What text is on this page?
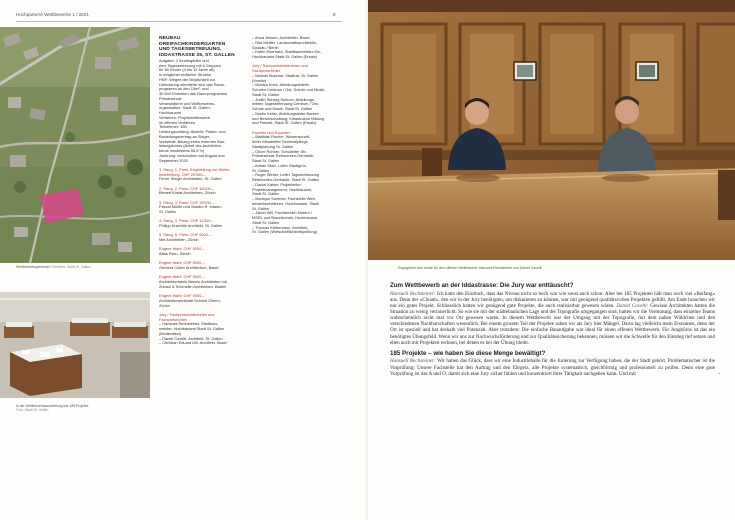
Hochparterre Wettbewerbe 1 / 2021	8
Wettbewerbsperimeter Orthofoto: Stadt St. Gallen
In der Wettbewerbsausstellung wie 185 Projekte
Foto: Stadt St. Gallen
NEUBAU DREIFACHKINDERGARTEN
UND TAGESBETREUUNG,
IDDASTRASSE 25, ST. GALLEN

Aufgabe: 3 Kindergärten und

eine Tagesbetreuung mit 6 Gruppen

für 60 Kinder (4 bis 12 Jahre alt)

in möglichst einfacher Struktur

HNF: Wegen der Möglichkeit zur

Umnutzung orientierte sich das Raum-

programm an den 15m²- und

30.5m²-Einheiten des Raumprogramms

Primarschule

Veranstalterin und Wettbewerbs-

organisation: Stadt St. Gallen,

Hochbauamt

Verfahren: Projektwettbewerb

im offenen Verfahren

Teilnehmer: 185

Leistungsumfang: Absicht: Planer- und

Bauleitungsvertrag an Sieger,

Vorbehalt: Beizug eines externen Bau-

leitungsbüros (Anteil des Architektur-

büros mindestens 58,5 %)

Jurierung: verschoben auf August und

September 2020

1. Rang, 1. Preis, Empfehlung zur Weiter-

bearbeitung: CHF 20'000.–

Ferrer Steger Architekten, St. Gallen

2. Rang, 2. Preis: CHF 18'000.–

Bienert Kintat Architekten, Zürich

3. Rang, 3. Preis: CHF 15'000.–

Pascal Müller und Sandro R. Inauen,

St. Gallen

4. Rang, 4. Preis: CHF 11'000.–

Philipp Knechtle Architekt, St. Gallen

5. Rang, 5. Preis: CHF 8000.–

Mei Architekten, Zürich

Engere Wahl: CHF 5000.–

Atlas Fluru, Zürich

Engere Wahl: CHF 5000.–

Gerbera Cutter Architecture, Basel

Engere Wahl: CHF 5000.–

Architekturfabrik Marolo Architekten mit

Zubaul & Schmidlin Architekten, Baden

Engere Wahl: CHF 5000.–

Architekturwerkstatt Schmid Zürren,

Zürich

Jury / Fachpreisrichterinnen und

Fachpreisrichter

– Hansueli Rechsteiner, Stadtbau-

meister, Hochbauamt Stadt St. Gallen

(Moderation)

– Daniel Cavelti, Architekt, St. Gallen

– Christian Eduard Dill, Architekt, Basel

– Anna Jessen, Architektin, Basel

– Rita Mettler, Landschaftsarchitektin,

Gossau / Berlin

– Katrin Eberhard, Stadtbaumeister-Stv.,

Hochbauamt Stadt St. Gallen (Ersatz)

Jury / Sachpreisrichterinnen und

Sachpreisrichter

– Markus Buschor, Stadtrat, St. Gallen

(Vorsitz)

– Monika Kreis, Abteilungsleiterin

Schulen Centrum / Ost, Schule und Musik,

Stadt St. Gallen

– Judith Sieving Sulhom, Abteilungs-

leiterin Tagesbetreuung Centrum / Ost,

Schule und Musik, Stadt St. Gallen

– Martin Keller, Abteilungsleiter Bauten

und Bewirtschaftung, Infrastruktur Bildung

und Freizeit, Stadt St. Gallen (Ersatz)

Expertin und Experten

– Matthias Fischer, Wissenschaft-

licher Mitarbeiter Denkmalpflege,

Stadtplanung St. Gallen

– Oliver Rohner, Schulleiter Stv.

Primarschule Rebmonten-Gerhalde,

Stadt St. Gallen

– Adrian Stolz, Leiter Stadtgrün,

St. Gallen

– Roger Weber, Leiter Tagesbetreuung

Rebmonten-Gerhalde, Stadt St. Gallen

– Daniel Kaiser, Projektleiter

Projektmanagement, Hochbauamt,

Stadt St. Gallen

– Monique Sommer, Fachstelle Wett-

bewerbsverfahren, Hochbauamt, Stadt

St. Gallen

– Jakob Wili, Fachbereich Elektro /

MSRL und Brandschutz, Hochbauamt,

Stadt St. Gallen

– Thomas Kiefermann, Architekt,

St. Gallen (Wirtschaftlichkeitsprüfung)

Engagieren sich heute für den offenen Wettbewerb: Hansueli Rechsteiner und Daniel Cavelti
Zum Wettbewerb an der Iddastrasse: Die Jury war enttäuscht?

Hansueli Rechsteiner: Ich hatte den Eindruck, dass das Niveau nicht so hoch war wie sonst auch schon. Aber bei 185 Projekten hält man noch viel «Beifang» aus. Denn der «Chnatt», den wir in der Jury benötigten, um diskutieren zu können, war mit genügend qualitätsvollen Projekten gefüllt. Am Ende brauchen wir nur ein gutes Projekt. Schliesslich hatten wir genügend gute Projekte, die auch realisierbar gewesen wären. Daniel Cavelti: Gewisse Architekten hatten die Situation zu wenig verinnerlicht. So wie sie mit der städtebaulichen Lage und der Topografie umgegangen sind, hatten wir die Vermutung, dass einzelne Teams wahrscheinlich nicht mal vor Ort gewesen waren. In diesem Wettbewerb war der Umgang mit der Topografie, mit dem nahen Wäldchen und den verschiedenen Nachbarschaften wesentlich. Bei einem grossen Teil der Projekte sahen wir als Jury hier Mängel. Darin lag vielleicht mein Erstaunen, denn der Ort ist speziell und hat deshalb viel Potenzial. Aber trotzdem: Die einfache Bauaufgabe war ideal für einen offenen Wettbewerb. Für Jungbüros ist das ein benötigtes Übungsfeld. Wenn wir uns zur Nachwuchsförderung und zur Qualitätssicherung bekennen, müssen wir die Schwelle für den Einstieg tief setzen und eben auch mit Projekten rechnen, bei denen es bei der Übung bleibt.

185 Projekte – wie haben Sie diese Menge bewältigt?

Hansueli Rechsteiner: Wir haben das Glück, dass wir eine Industriehalle für die Jurierung zur Verfügung haben, die der Stadt gehört. Problematischer ist die Vorprüfung: Unsere Fachstelle hat den Auftrag und den Ehrgeiz, alle Projekte systematisch, gleichförmig und professionell zu prüfen. Denn eine gute Vorprüfung ist das A und O, damit sich eine Jury sicher fühlen und konzentriert ihrer Tätigkeit nachgehen kann. Und mit	→
